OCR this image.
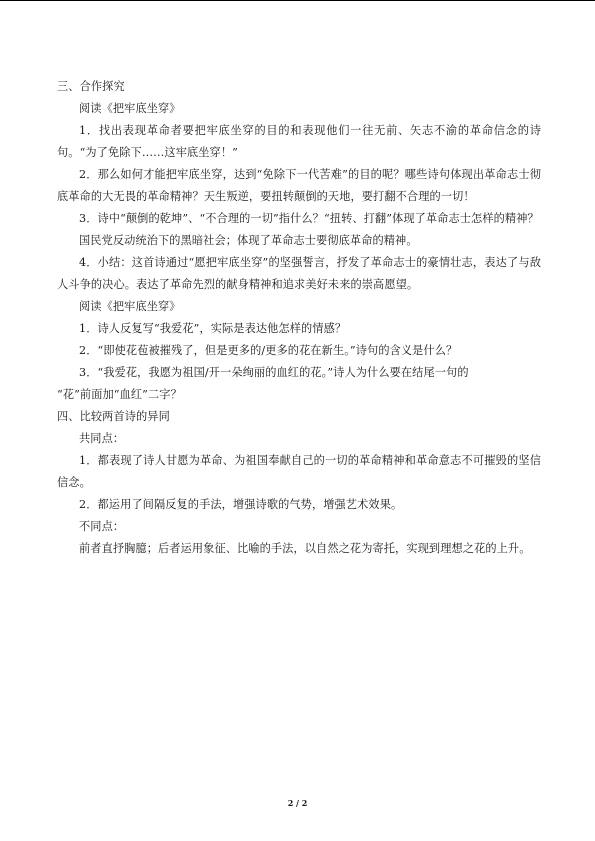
三、合作探究

阅读《把牢底坐穿》

1．找出表现革命者要把牢底坐穿的目的和表现他们一往无前、矢志不渝的革命信念的诗句。“为了免除下……这牢底坐穿！”

2．那么如何才能把牢底坐穿，达到“免除下一代苦难”的目的呢？哪些诗句体现出革命志士彻底革命的大无畏的革命精神？天生叛逆，要扭转颠倒的天地，要打翻不合理的一切！

3．诗中“颠倒的乾坤”、“不合理的一切”指什么？“扭转、打翻”体现了革命志士怎样的精神？

国民党反动统治下的黑暗社会；体现了革命志士要彻底革命的精神。

4．小结：这首诗通过“愿把牢底坐穿”的坚强誓言，抒发了革命志士的豪情壮志，表达了与敌人斗争的决心。表达了革命先烈的献身精神和追求美好未来的崇高愿望。

阅读《把牢底坐穿》

1．诗人反复写“我爱花”，实际是表达他怎样的情感？

2．“即使花苞被摧残了，但是更多的/更多的花在新生。”诗句的含义是什么？

3．“我爱花，我愿为祖国/开一朵绚丽的血红的花。”诗人为什么要在结尾一句的

“花”前面加“血红”二字？

四、比较两首诗的异同

共同点：

1．都表现了诗人甘愿为革命、为祖国奉献自己的一切的革命精神和革命意志不可摧毁的坚信信念。

2．都运用了间隔反复的手法，增强诗歌的气势，增强艺术效果。

不同点：

前者直抒胸臆；后者运用象征、比喻的手法，以自然之花为寄托，实现到理想之花的上升。

2 / 2
